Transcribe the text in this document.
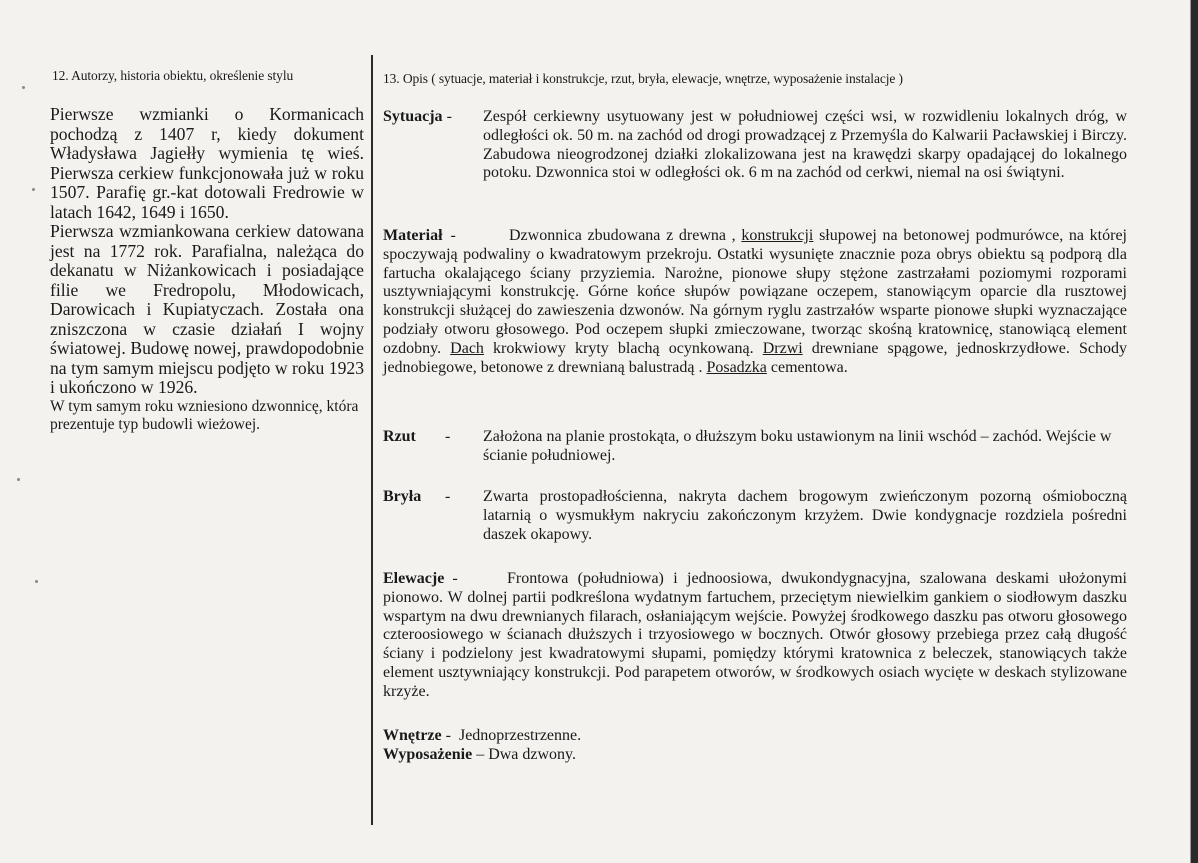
12. Autorzy, historia obiektu, określenie stylu

Pierwsze wzmianki o Kormanicach pochodzą z 1407 r, kiedy dokument Władysława Jagiełły wymienia tę wieś. Pierwsza cerkiew funkcjonowała już w roku 1507. Parafię gr.-kat dotowali Fredrowie w latach 1642, 1649 i 1650.

Pierwsza wzmiankowana cerkiew datowana jest na 1772 rok. Parafialna, należąca do dekanatu w Niżankowicach i posiadające filie we Fredropolu, Młodowicach, Darowicach i Kupiatyczach. Została ona zniszczona w czasie działań I wojny światowej. Budowę nowej, prawdopodobnie na tym samym miejscu podjęto w roku 1923 i ukończono w 1926.

W tym samym roku wzniesiono dzwonnicę, która prezentuje typ budowli wieżowej.

13. Opis ( sytuacje, materiał i konstrukcje, rzut, bryła, elewacje, wnętrze, wyposażenie instalacje )
Sytuacja - Zespół cerkiewny usytuowany jest w południowej części wsi, w rozwidleniu lokalnych dróg, w odległości ok. 50 m. na zachód od drogi prowadzącej z Przemyśla do Kalwarii Pacławskiej i Birczy. Zabudowa nieogrodzonej działki zlokalizowana jest na krawędzi skarpy opadającej do lokalnego potoku. Dzwonnica stoi w odległości ok. 6 m na zachód od cerkwi, niemal na osi świątyni.
Materiał -	Dzwonnica zbudowana z drewna , konstrukcji słupowej na betonowej podmurówce, na której spoczywają podwaliny o kwadratowym przekroju. Ostatki wysunięte znacznie poza obrys obiektu są podporą dla fartucha okalającego ściany przyziemia. Narożne, pionowe słupy stężone zastrzałami poziomymi rozporami usztywniającymi konstrukcję. Górne końce słupów powiązane oczepem, stanowiącym oparcie dla rusztowej konstrukcji służącej do zawieszenia dzwonów. Na górnym ryglu zastrzałów wsparte pionowe słupki wyznaczające podziały otworu głosowego. Pod oczepem słupki zmieczowane, tworząc skośną kratownicę, stanowiącą element ozdobny. Dach krokwiowy kryty blachą ocynkowaną. Drzwi drewniane spągowe, jednoskrzydłowe. Schody jednobiegowe, betonowe z drewnianą balustradą . Posadzka cementowa.
Rzut - Założona na planie prostokąta, o dłuższym boku ustawionym na linii wschód – zachód. Wejście w ścianie południowej.
Bryła - Zwarta prostopadłościenna, nakryta dachem brogowym zwieńczonym pozorną ośmioboczną latarnią o wysmukłym nakryciu zakończonym krzyżem. Dwie kondygnacje rozdziela pośredni daszek okapowy.
Elewacje -	Frontowa (południowa) i jednoosiowa, dwukondygnacyjna, szalowana deskami ułożonymi pionowo. W dolnej partii podkreślona wydatnym fartuchem, przeciętym niewielkim gankiem o siodłowym daszku wspartym na dwu drewnianych filarach, osłaniającym wejście. Powyżej środkowego daszku pas otworu głosowego czteroosiowego w ścianach dłuższych i trzyosiowego w bocznych. Otwór głosowy przebiega przez całą długość ściany i podzielony jest kwadratowymi słupami, pomiędzy którymi kratownica z beleczek, stanowiących także element usztywniający konstrukcji. Pod parapetem otworów, w środkowych osiach wycięte w deskach stylizowane krzyże.
Wnętrze - Jednoprzestrzenne.
Wyposażenie – Dwa dzwony.
